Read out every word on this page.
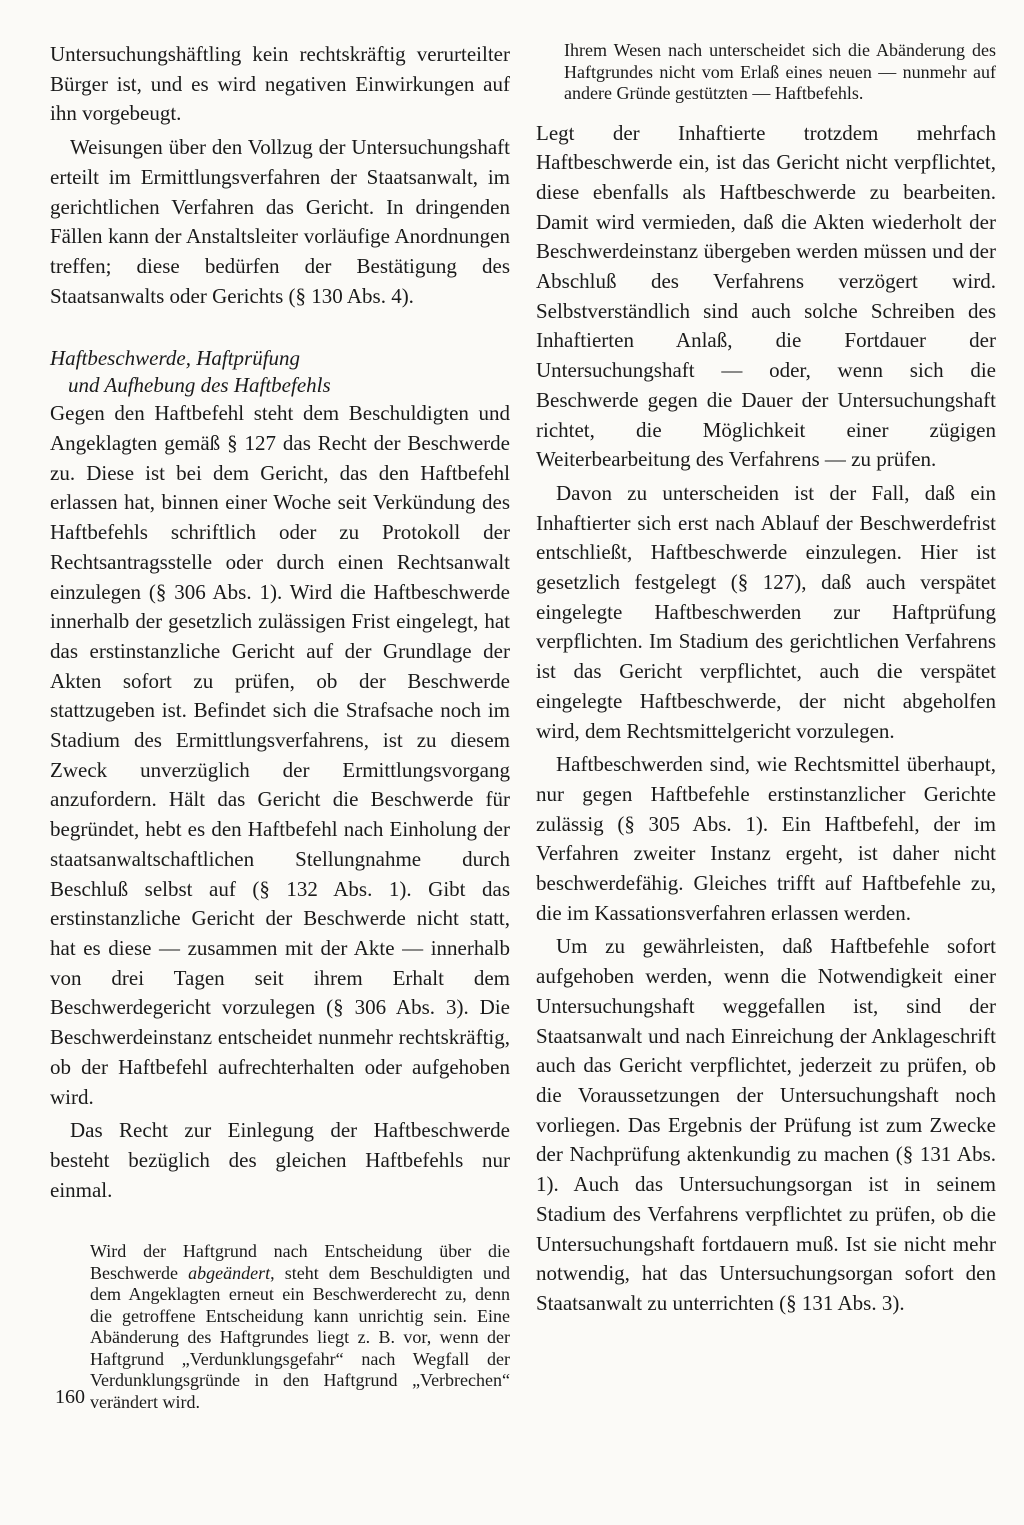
Untersuchungshäftling kein rechtskräftig verurteilter Bürger ist, und es wird negativen Einwirkungen auf ihn vorgebeugt.

Weisungen über den Vollzug der Untersuchungshaft erteilt im Ermittlungsverfahren der Staatsanwalt, im gerichtlichen Verfahren das Gericht. In dringenden Fällen kann der Anstaltsleiter vorläufige Anordnungen treffen; diese bedürfen der Bestätigung des Staatsanwalts oder Gerichts (§ 130 Abs. 4).

Haftbeschwerde, Haftprüfung
und Aufhebung des Haftbefehls

Gegen den Haftbefehl steht dem Beschuldigten und Angeklagten gemäß § 127 das Recht der Beschwerde zu. Diese ist bei dem Gericht, das den Haftbefehl erlassen hat, binnen einer Woche seit Verkündung des Haftbefehls schriftlich oder zu Protokoll der Rechtsantragsstelle oder durch einen Rechtsanwalt einzulegen (§ 306 Abs. 1). Wird die Haftbeschwerde innerhalb der gesetzlich zulässigen Frist eingelegt, hat das erstinstanzliche Gericht auf der Grundlage der Akten sofort zu prüfen, ob der Beschwerde stattzugeben ist. Befindet sich die Strafsache noch im Stadium des Ermittlungsverfahrens, ist zu diesem Zweck unverzüglich der Ermittlungsvorgang anzufordern. Hält das Gericht die Beschwerde für begründet, hebt es den Haftbefehl nach Einholung der staatsanwaltschaftlichen Stellungnahme durch Beschluß selbst auf (§ 132 Abs. 1). Gibt das erstinstanzliche Gericht der Beschwerde nicht statt, hat es diese — zusammen mit der Akte — innerhalb von drei Tagen seit ihrem Erhalt dem Beschwerdegericht vorzulegen (§ 306 Abs. 3). Die Beschwerdeinstanz entscheidet nunmehr rechtskräftig, ob der Haftbefehl aufrechterhalten oder aufgehoben wird.

Das Recht zur Einlegung der Haftbeschwerde besteht bezüglich des gleichen Haftbefehls nur einmal.

Wird der Haftgrund nach Entscheidung über die Beschwerde abgeändert, steht dem Beschuldigten und dem Angeklagten erneut ein Beschwerderecht zu, denn die getroffene Entscheidung kann unrichtig sein. Eine Abänderung des Haftgrundes liegt z. B. vor, wenn der Haftgrund „Verdunklungsgefahr“ nach Wegfall der Verdunklungsgründe in den Haftgrund „Verbrechen“ verändert wird.

Ihrem Wesen nach unterscheidet sich die Abänderung des Haftgrundes nicht vom Erlaß eines neuen — nunmehr auf andere Gründe gestützten — Haftbefehls.

Legt der Inhaftierte trotzdem mehrfach Haftbeschwerde ein, ist das Gericht nicht verpflichtet, diese ebenfalls als Haftbeschwerde zu bearbeiten. Damit wird vermieden, daß die Akten wiederholt der Beschwerdeinstanz übergeben werden müssen und der Abschluß des Verfahrens verzögert wird. Selbstverständlich sind auch solche Schreiben des Inhaftierten Anlaß, die Fortdauer der Untersuchungshaft — oder, wenn sich die Beschwerde gegen die Dauer der Untersuchungshaft richtet, die Möglichkeit einer zügigen Weiterbearbeitung des Verfahrens — zu prüfen.

Davon zu unterscheiden ist der Fall, daß ein Inhaftierter sich erst nach Ablauf der Beschwerdefrist entschließt, Haftbeschwerde einzulegen. Hier ist gesetzlich festgelegt (§ 127), daß auch verspätet eingelegte Haftbeschwerden zur Haftprüfung verpflichten. Im Stadium des gerichtlichen Verfahrens ist das Gericht verpflichtet, auch die verspätet eingelegte Haftbeschwerde, der nicht abgeholfen wird, dem Rechtsmittelgericht vorzulegen.

Haftbeschwerden sind, wie Rechtsmittel überhaupt, nur gegen Haftbefehle erstinstanzlicher Gerichte zulässig (§ 305 Abs. 1). Ein Haftbefehl, der im Verfahren zweiter Instanz ergeht, ist daher nicht beschwerdefähig. Gleiches trifft auf Haftbefehle zu, die im Kassationsverfahren erlassen werden.

Um zu gewährleisten, daß Haftbefehle sofort aufgehoben werden, wenn die Notwendigkeit einer Untersuchungshaft weggefallen ist, sind der Staatsanwalt und nach Einreichung der Anklageschrift auch das Gericht verpflichtet, jederzeit zu prüfen, ob die Voraussetzungen der Untersuchungshaft noch vorliegen. Das Ergebnis der Prüfung ist zum Zwecke der Nachprüfung aktenkundig zu machen (§ 131 Abs. 1). Auch das Untersuchungsorgan ist in seinem Stadium des Verfahrens verpflichtet zu prüfen, ob die Untersuchungshaft fortdauern muß. Ist sie nicht mehr notwendig, hat das Untersuchungsorgan sofort den Staatsanwalt zu unterrichten (§ 131 Abs. 3).

160
